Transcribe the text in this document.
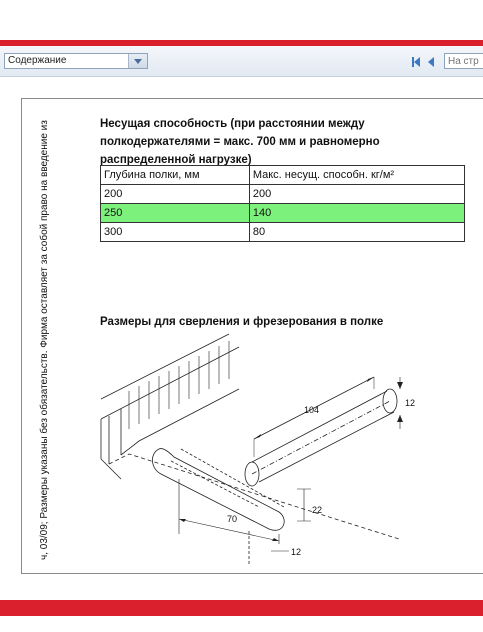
Содержание
На стр
ч, 03/09; Размеры указаны без обязательств. Фирма оставляет за собой право на введение из	Несущая способность (при расстоянии между полкодержателями = макс. 700 мм и равномерно распределенной нагрузке)
Глубина полки, мм	Макс. несущ. способн. кг/м²
200	200
250	140
300	80
Размеры для сверления и фрезерования в полке
104
12
22
70
12
